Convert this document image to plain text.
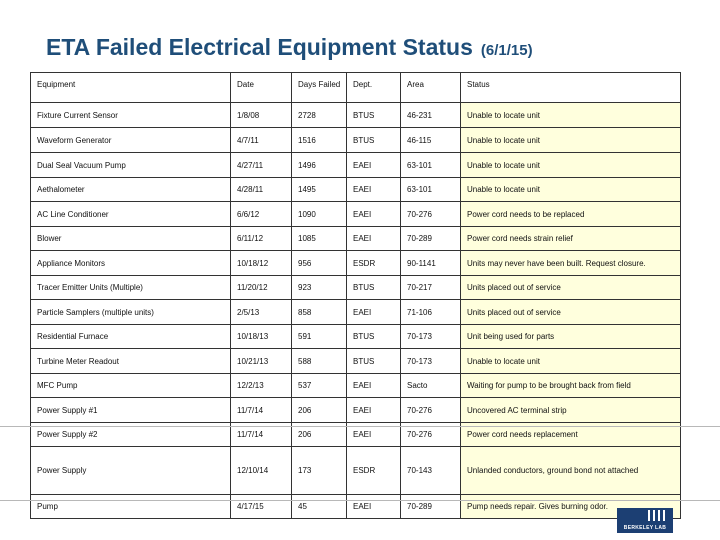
ETA Failed Electrical Equipment Status (6/1/15)
Equipment	Date	Days Failed	Dept.	Area	Status
Fixture Current Sensor	1/8/08	2728	BTUS	46-231	Unable to locate unit
Waveform Generator	4/7/11	1516	BTUS	46-115	Unable to locate unit
Dual Seal Vacuum Pump	4/27/11	1496	EAEI	63-101	Unable to locate unit
Aethalometer	4/28/11	1495	EAEI	63-101	Unable to locate unit
AC Line Conditioner	6/6/12	1090	EAEI	70-276	Power cord needs to be replaced
Blower	6/11/12	1085	EAEI	70-289	Power cord needs strain relief
Appliance Monitors	10/18/12	956	ESDR	90-1141	Units may never have been built. Request closure.
Tracer Emitter Units (Multiple)	11/20/12	923	BTUS	70-217	Units placed out of service
Particle Samplers (multiple units)	2/5/13	858	EAEI	71-106	Units placed out of service
Residential Furnace	10/18/13	591	BTUS	70-173	Unit being used for parts
Turbine Meter Readout	10/21/13	588	BTUS	70-173	Unable to locate unit
MFC Pump	12/2/13	537	EAEI	Sacto	Waiting for pump to be brought back from field
Power Supply #1	11/7/14	206	EAEI	70-276	Uncovered AC terminal strip
Power Supply #2	11/7/14	206	EAEI	70-276	Power cord needs replacement
Power Supply	12/10/14	173	ESDR	70-143	Unlanded conductors, ground bond not attached
Pump	4/17/15	45	EAEI	70-289	Pump needs repair. Gives burning odor.
BERKELEY LAB
